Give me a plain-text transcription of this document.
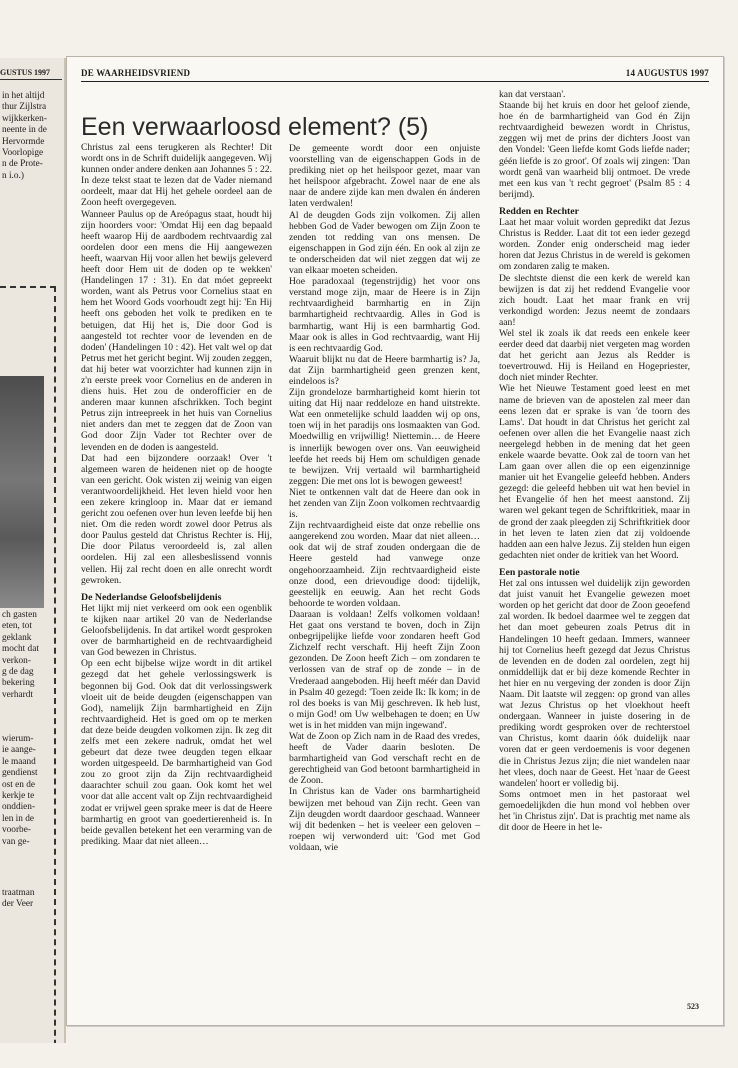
GUSTUS 1997
in het altijd
thur Zijlstra
wijkkerken-
neente in de
Hervormde
Voorlopige
n de Prote-
n i.o.)
ch gasten
eten, tot
geklank
mocht dat
verkon-
g de dag
bekering
verhardt
wierum-
ie aange-
le maand
gendienst
ost en de
kerkje te
onddien-
len in de
voorbe-
van ge-
traatman
der Veer
DE WAARHEIDSVRIEND	14 AUGUSTUS 1997
Een verwaarloosd element? (5)

Christus zal eens terugkeren als Rechter! Dit wordt ons in de Schrift duidelijk aangegeven. Wij kunnen onder andere denken aan Johannes 5 : 22. In deze tekst staat te lezen dat de Vader niemand oordeelt, maar dat Hij het gehele oordeel aan de Zoon heeft overgegeven.

Wanneer Paulus op de Areópagus staat, houdt hij zijn hoorders voor: 'Omdat Hij een dag bepaald heeft waarop Hij de aardbodem rechtvaardig zal oordelen door een mens die Hij aangewezen heeft, waarvan Hij voor allen het bewijs geleverd heeft door Hem uit de doden op te wekken' (Handelingen 17 : 31). En dat móet gepreekt worden, want als Petrus voor Cornelius staat en hem het Woord Gods voorhoudt zegt hij: 'En Hij heeft ons geboden het volk te prediken en te betuigen, dat Hij het is, Die door God is aangesteld tot rechter voor de levenden en de doden' (Handelingen 10 : 42). Het valt wel op dat Petrus met het gericht begint. Wij zouden zeggen, dat hij beter wat voorzichter had kunnen zijn in z'n eerste preek voor Cornelius en de anderen in diens huis. Het zou de onderofficier en de anderen maar kunnen afschrikken. Toch begint Petrus zijn intreepreek in het huis van Cornelius niet anders dan met te zeggen dat de Zoon van God door Zijn Vader tot Rechter over de levenden en de doden is aangesteld.

Dat had een bijzondere oorzaak! Over 't algemeen waren de heidenen niet op de hoogte van een gericht. Ook wisten zij weinig van eigen verantwoordelijkheid. Het leven hield voor hen een zekere kringloop in. Maar dat er iemand gericht zou oefenen over hun leven leefde bij hen niet. Om die reden wordt zowel door Petrus als door Paulus gesteld dat Christus Rechter is. Hij, Die door Pilatus veroordeeld is, zal allen oordelen. Hij zal een allesbeslissend vonnis vellen. Hij zal recht doen en alle onrecht wordt gewroken.

De Nederlandse Geloofsbelijdenis

Het lijkt mij niet verkeerd om ook een ogenblik te kijken naar artikel 20 van de Nederlandse Geloofsbelijdenis. In dat artikel wordt gesproken over de barmhartigheid en de rechtvaardigheid van God bewezen in Christus.

Op een echt bijbelse wijze wordt in dit artikel gezegd dat het gehele verlossingswerk is begonnen bij God. Ook dat dit verlossingswerk vloeit uit de beide deugden (eigenschappen van God), namelijk Zijn barmhartigheid en Zijn rechtvaardigheid. Het is goed om op te merken dat deze beide deugden volkomen zijn. Ik zeg dit zelfs met een zekere nadruk, omdat het wel gebeurt dat deze twee deugden tegen elkaar worden uitgespeeld. De barmhartigheid van God zou zo groot zijn da Zijn rechtvaardigheid daarachter schuil zou gaan. Ook komt het wel voor dat alle accent valt op Zijn rechtvaardigheid zodat er vrijwel geen sprake meer is dat de Heere barmhartig en groot van goedertierenheid is. In beide gevallen betekent het een verarming van de prediking. Maar dat niet alleen…

De gemeente wordt door een onjuiste voorstelling van de eigenschappen Gods in de prediking niet op het heilspoor gezet, maar van het heilspoor afgebracht. Zowel naar de ene als naar de andere zijde kan men dwalen én ánderen laten verdwalen!

Al de deugden Gods zijn volkomen. Zij allen hebben God de Vader bewogen om Zijn Zoon te zenden tot redding van ons mensen. De eigenschappen in God zijn één. En ook al zijn ze te onderscheiden dat wil niet zeggen dat wij ze van elkaar moeten scheiden.

Hoe paradoxaal (tegenstrijdig) het voor ons verstand moge zijn, maar de Heere is in Zijn rechtvaardigheid barmhartig en in Zijn barmhartigheid rechtvaardig. Alles in God is barmhartig, want Hij is een barmhartig God. Maar ook is alles in God rechtvaardig, want Hij is een rechtvaardig God.

Waaruit blijkt nu dat de Heere barmhartig is? Ja, dat Zijn barmhartigheid geen grenzen kent, eindeloos is?

Zijn grondeloze barmhartigheid komt hierin tot uiting dat Hij naar reddeloze en hand uitstrekte. Wat een onmetelijke schuld laadden wij op ons, toen wij in het paradijs ons losmaakten van God. Moedwillig en vrijwillig! Niettemin… de Heere is innerlijk bewogen over ons. Van eeuwigheid leefde het reeds bij Hem om schuldigen genade te bewijzen. Vrij vertaald wil barmhartigheid zeggen: Die met ons lot is bewogen geweest!

Niet te ontkennen valt dat de Heere dan ook in het zenden van Zijn Zoon volkomen rechtvaardig is.

Zijn rechtvaardigheid eiste dat onze rebellie ons aangerekend zou worden. Maar dat niet alleen… ook dat wij de straf zouden ondergaan die de Heere gesteld had vanwege onze ongehoorzaamheid. Zijn rechtvaardigheid eiste onze dood, een drievoudige dood: tijdelijk, geestelijk en eeuwig. Aan het recht Gods behoorde te worden voldaan.

Daaraan is voldaan! Zelfs volkomen voldaan! Het gaat ons verstand te boven, doch in Zijn onbegrijpelijke liefde voor zondaren heeft God Zichzelf recht verschaft. Hij heeft Zijn Zoon gezonden. De Zoon heeft Zich – om zondaren te verlossen van de straf op de zonde – in de Vrederaad aangeboden. Hij heeft méér dan David in Psalm 40 gezegd: 'Toen zeide Ik: Ik kom; in de rol des boeks is van Mij geschreven. Ik heb lust, o mijn God! om Uw welbehagen te doen; en Uw wet is in het midden van mijn ingewand'.

Wat de Zoon op Zich nam in de Raad des vredes, heeft de Vader daarin besloten. De barmhartigheid van God verschaft recht en de gerechtigheid van God betoont barmhartigheid in de Zoon.

In Christus kan de Vader ons barmhartigheid bewijzen met behoud van Zijn recht. Geen van Zijn deugden wordt daardoor geschaad. Wanneer wij dit bedenken – het is veeleer een geloven – roepen wij verwonderd uit: 'God met God voldaan, wie

kan dat verstaan'.

Staande bij het kruis en door het geloof ziende, hoe én de barmhartigheid van God én Zijn rechtvaardigheid bewezen wordt in Christus, zeggen wij met de prins der dichters Joost van den Vondel: 'Geen liefde komt Gods liefde nader; géén liefde is zo groot'. Of zoals wij zingen: 'Dan wordt genâ van waarheid blij ontmoet. De vrede met een kus van 't recht gegroet' (Psalm 85 : 4 berijmd).

Redden en Rechter

Laat het maar voluit worden gepredikt dat Jezus Christus is Redder. Laat dit tot een ieder gezegd worden. Zonder enig onderscheid mag ieder horen dat Jezus Christus in de wereld is gekomen om zondaren zalig te maken.

De slechtste dienst die een kerk de wereld kan bewijzen is dat zij het reddend Evangelie voor zich houdt. Laat het maar frank en vrij verkondigd worden: Jezus neemt de zondaars aan!

Wel stel ik zoals ik dat reeds een enkele keer eerder deed dat daarbij niet vergeten mag worden dat het gericht aan Jezus als Redder is toevertrouwd. Hij is Heiland en Hogepriester, doch niet minder Rechter.

Wie het Nieuwe Testament goed leest en met name de brieven van de apostelen zal meer dan eens lezen dat er sprake is van 'de toorn des Lams'. Dat houdt in dat Christus het gericht zal oefenen over allen die het Evangelie naast zich neergelegd hebben in de mening dat het geen enkele waarde bevatte. Ook zal de toorn van het Lam gaan over allen die op een eigenzinnige manier uit het Evangelie geleefd hebben. Anders gezegd: die geleefd hebben uit wat hen beviel in het Evangelie óf hen het meest aanstond. Zij waren wel gekant tegen de Schriftkritiek, maar in de grond der zaak pleegden zij Schriftkritiek door in het leven te laten zien dat zij voldoende hadden aan een halve Jezus. Zij stelden hun eigen gedachten niet onder de kritiek van het Woord.

Een pastorale notie

Het zal ons intussen wel duidelijk zijn geworden dat juist vanuit het Evangelie gewezen moet worden op het gericht dat door de Zoon geoefend zal worden. Ik bedoel daarmee wel te zeggen dat het dan moet gebeuren zoals Petrus dit in Handelingen 10 heeft gedaan. Immers, wanneer hij tot Cornelius heeft gezegd dat Jezus Christus de levenden en de doden zal oordelen, zegt hij onmiddellijk dat er bij deze komende Rechter in het hier en nu vergeving der zonden is door Zijn Naam. Dit laatste wil zeggen: op grond van alles wat Jezus Christus op het vloekhout heeft ondergaan. Wanneer in juiste dosering in de prediking wordt gesproken over de rechterstoel van Christus, komt daarin óók duidelijk naar voren dat er geen verdoemenis is voor degenen die in Christus Jezus zijn; die niet wandelen naar het vlees, doch naar de Geest. Het 'naar de Geest wandelen' hoort er volledig bij.

Soms ontmoet men in het pastoraat wel gemoedelijkden die hun mond vol hebben over het 'in Christus zijn'. Dat is prachtig met name als dit door de Heere in het le-

523
